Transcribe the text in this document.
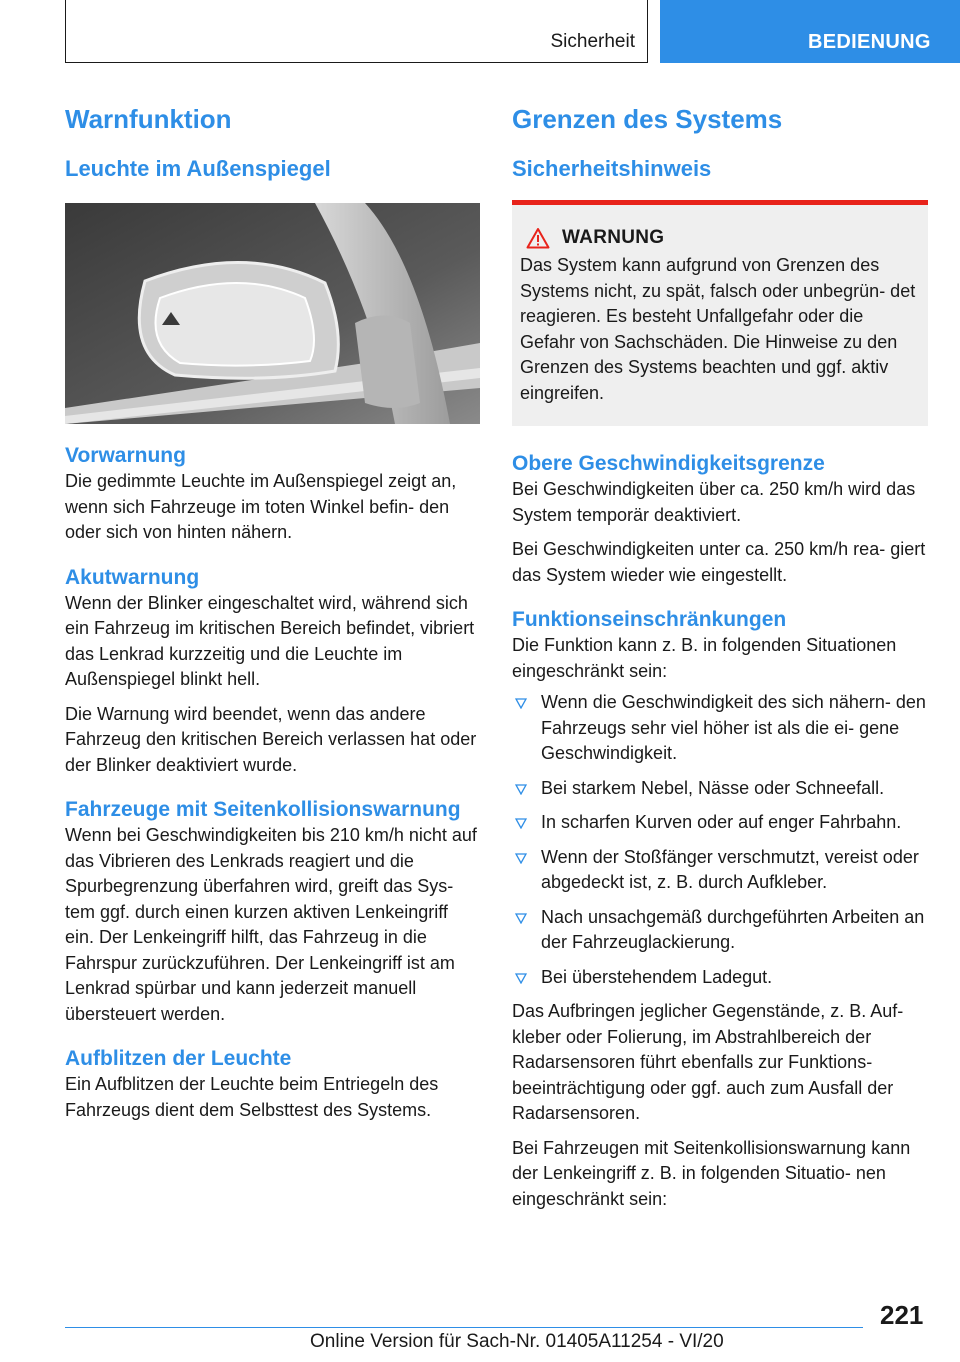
Sicherheit	BEDIENUNG
Warnfunktion
Leuchte im Außenspiegel
Vorwarnung

Die gedimmte Leuchte im Außenspiegel zeigt an, wenn sich Fahrzeuge im toten Winkel befin‐ den oder sich von hinten nähern.

Akutwarnung

Wenn der Blinker eingeschaltet wird, während sich ein Fahrzeug im kritischen Bereich befindet, vibriert das Lenkrad kurzzeitig und die Leuchte im Außenspiegel blinkt hell.

Die Warnung wird beendet, wenn das andere Fahrzeug den kritischen Bereich verlassen hat oder der Blinker deaktiviert wurde.

Fahrzeuge mit Seitenkollisionswarnung

Wenn bei Geschwindigkeiten bis 210 km/h nicht auf das Vibrieren des Lenkrads reagiert und die Spurbegrenzung überfahren wird, greift das Sys‐ tem ggf. durch einen kurzen aktiven Lenkeingriff ein. Der Lenkeingriff hilft, das Fahrzeug in die Fahrspur zurückzuführen. Der Lenkeingriff ist am Lenkrad spürbar und kann jederzeit manuell übersteuert werden.

Aufblitzen der Leuchte

Ein Aufblitzen der Leuchte beim Entriegeln des Fahrzeugs dient dem Selbsttest des Systems.

Grenzen des Systems
Sicherheitshinweis
WARNUNG

Das System kann aufgrund von Grenzen des Systems nicht, zu spät, falsch oder unbegrün‐ det reagieren. Es besteht Unfallgefahr oder die Gefahr von Sachschäden. Die Hinweise zu den Grenzen des Systems beachten und ggf. aktiv eingreifen.

Obere Geschwindigkeitsgrenze

Bei Geschwindigkeiten über ca. 250 km/h wird das System temporär deaktiviert.

Bei Geschwindigkeiten unter ca. 250 km/h rea‐ giert das System wieder wie eingestellt.

Funktionseinschränkungen

Die Funktion kann z. B. in folgenden Situationen eingeschränkt sein:

Wenn die Geschwindigkeit des sich nähern‐ den Fahrzeugs sehr viel höher ist als die ei‐ gene Geschwindigkeit.
Bei starkem Nebel, Nässe oder Schneefall.
In scharfen Kurven oder auf enger Fahrbahn.
Wenn der Stoßfänger verschmutzt, vereist oder abgedeckt ist, z. B. durch Aufkleber.
Nach unsachgemäß durchgeführten Arbeiten an der Fahrzeuglackierung.
Bei überstehendem Ladegut.

Das Aufbringen jeglicher Gegenstände, z. B. Auf‐ kleber oder Folierung, im Abstrahlbereich der Radarsensoren führt ebenfalls zur Funktions‐ beeinträchtigung oder ggf. auch zum Ausfall der Radarsensoren.

Bei Fahrzeugen mit Seitenkollisionswarnung kann der Lenkeingriff z. B. in folgenden Situatio‐ nen eingeschränkt sein:

221
Online Version für Sach-Nr. 01405A11254 - VI/20
